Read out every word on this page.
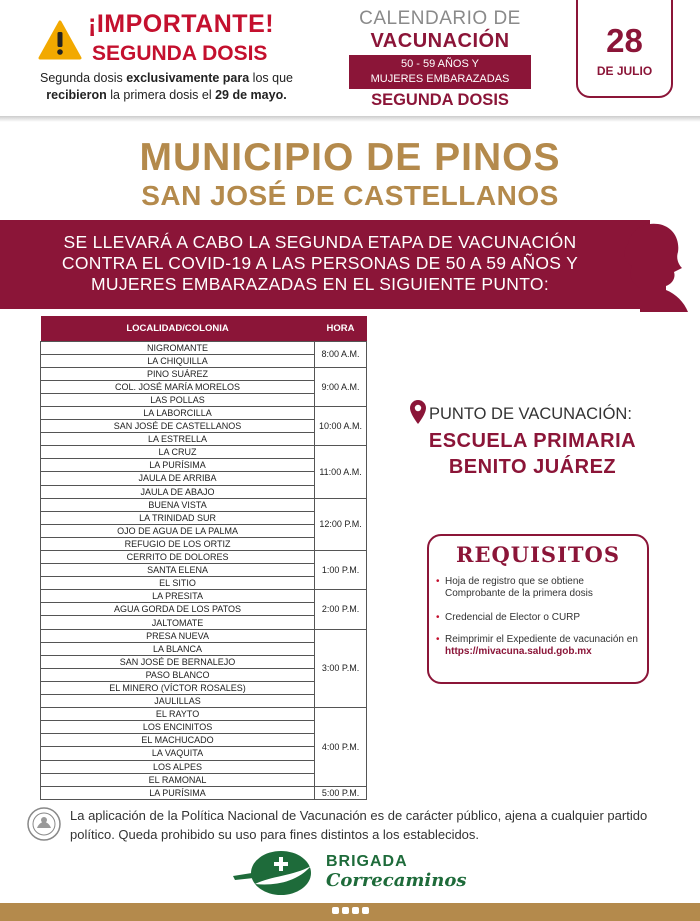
¡IMPORTANTE!
SEGUNDA DOSIS
Segunda dosis exclusivamente para los que
recibieron la primera dosis el 29 de mayo.
CALENDARIO DE
VACUNACIÓN
50 - 59 AÑOS Y
MUJERES EMBARAZADAS
SEGUNDA DOSIS
28
DE JULIO
MUNICIPIO DE PINOS
SAN JOSÉ DE CASTELLANOS
SE LLEVARÁ A CABO LA SEGUNDA ETAPA DE VACUNACIÓN
CONTRA EL COVID-19 A LAS PERSONAS DE 50 A 59 AÑOS Y
MUJERES EMBARAZADAS EN EL SIGUIENTE PUNTO:
LOCALIDAD/COLONIA	HORA
NIGROMANTE	8:00 A.M.
LA CHIQUILLA	
PINO SUÁREZ	9:00 A.M.
COL. JOSÉ MARÍA MORELOS	
LAS POLLAS	
LA LABORCILLA	10:00 A.M.
SAN JOSÉ DE CASTELLANOS	
LA ESTRELLA	
LA CRUZ	11:00 A.M.
LA PURÍSIMA	
JAULA DE ARRIBA	
JAULA DE ABAJO	
BUENA VISTA	12:00 P.M.
LA TRINIDAD SUR	
OJO DE AGUA DE LA PALMA	
REFUGIO DE LOS ORTIZ	
CERRITO DE DOLORES	1:00 P.M.
SANTA ELENA	
EL SITIO	
LA PRESITA	2:00 P.M.
AGUA GORDA DE LOS PATOS	
JALTOMATE	
PRESA NUEVA	3:00 P.M.
LA BLANCA	
SAN JOSÉ DE BERNALEJO	
PASO BLANCO	
EL MINERO (VÍCTOR ROSALES)	
JAULILLAS	
EL RAYTO	4:00 P.M.
LOS ENCINITOS	
EL MACHUCADO	
LA VAQUITA	
LOS ALPES	
EL RAMONAL	
LA PURÍSIMA	5:00 P.M.
PUNTO DE VACUNACIÓN:
ESCUELA PRIMARIA
BENITO JUÁREZ
REQUISITOS
• Hoja de registro que se obtiene Comprobante de la primera dosis
• Credencial de Elector o CURP
• Reimprimir el Expediente de vacunación en
https://mivacuna.salud.gob.mx
La aplicación de la Política Nacional de Vacunación es de carácter público, ajena a cualquier partido político. Queda prohibido su uso para fines distintos a los establecidos.
BRIGADA
Correcaminos
